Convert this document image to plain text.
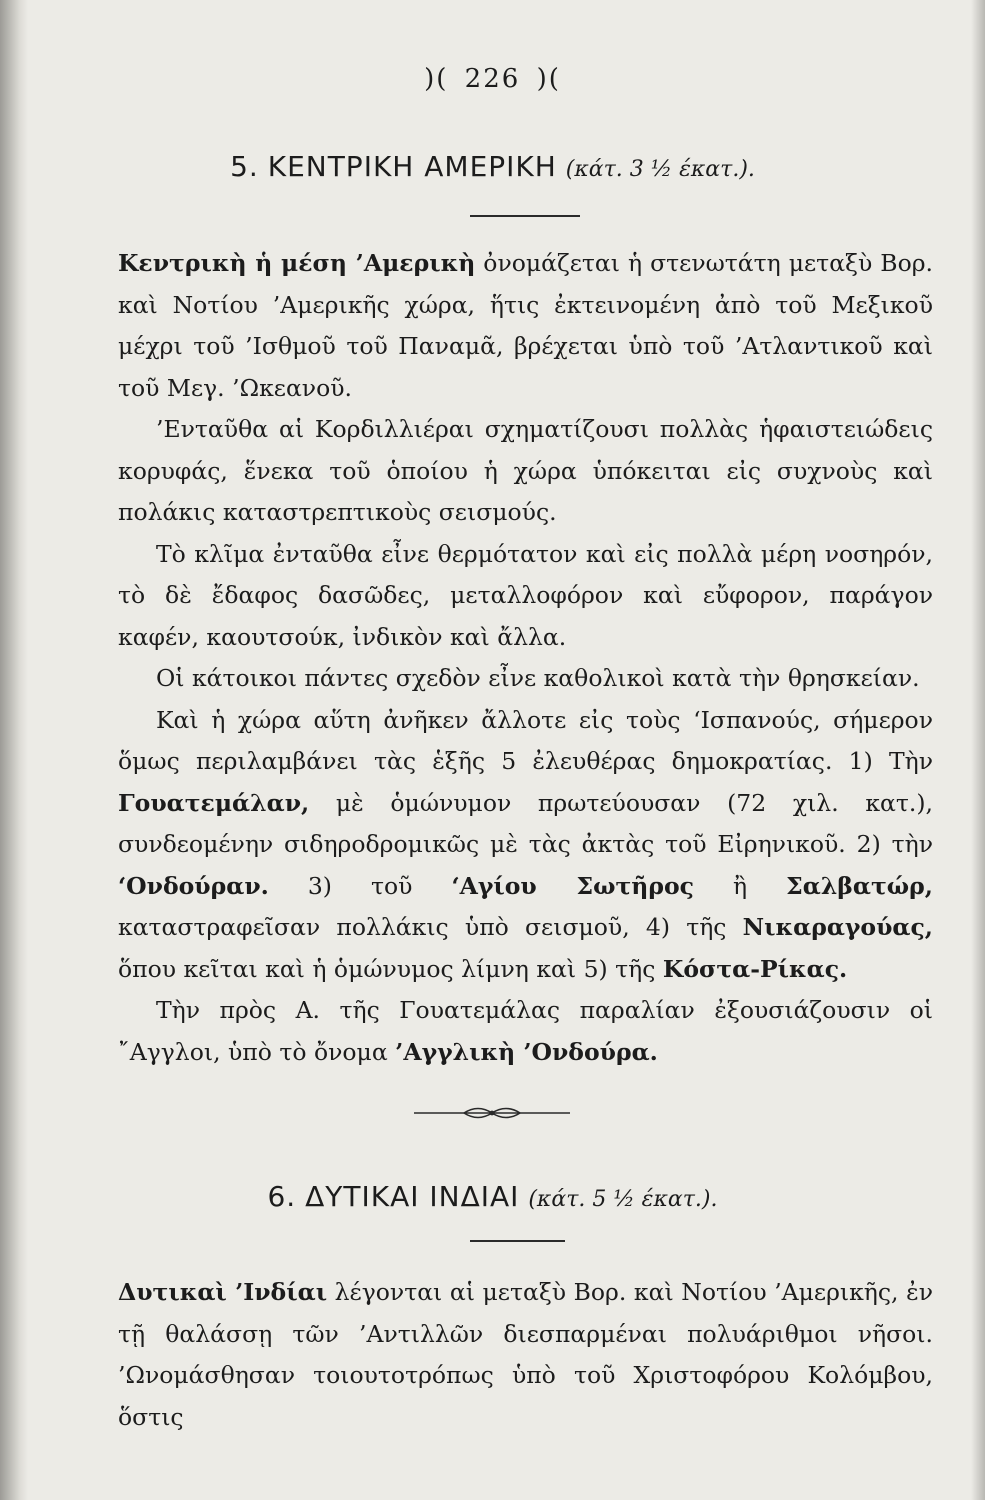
)( 226 )(
5. ΚΕΝΤΡΙΚΗ ΑΜΕΡΙΚΗ (κάτ. 3 ½ έκατ.).

Κεντρικὴ ἡ μέση ’Αμερικὴ ὀνομάζεται ἡ στενωτάτη μεταξὺ Βορ. καὶ Νοτίου ’Αμερικῆς χώρα, ἥτις ἐκτεινομένη ἀπὸ τοῦ Μεξικοῦ μέχρι τοῦ ’Ισθμοῦ τοῦ Παναμᾶ, βρέχεται ὑπὸ τοῦ ’Ατλαντικοῦ καὶ τοῦ Μεγ. ’Ωκεανοῦ.

’Ενταῦθα αἱ Κορδιλλιέραι σχηματίζουσι πολλὰς ἡφαιστειώδεις κορυφάς, ἕνεκα τοῦ ὁποίου ἡ χώρα ὑπόκειται εἰς συχνοὺς καὶ πολάκις καταστρεπτικοὺς σεισμούς.

Τὸ κλῖμα ἐνταῦθα εἶνε θερμότατον καὶ εἰς πολλὰ μέρη νοσηρόν, τὸ δὲ ἔδαφος δασῶδες, μεταλλοφόρον καὶ εὔφορον, παράγον καφέν, καουτσούκ, ἰνδικὸν καὶ ἄλλα.

Οἱ κάτοικοι πάντες σχεδὸν εἶνε καθολικοὶ κατὰ τὴν θρησκείαν.

Καὶ ἡ χώρα αὕτη ἀνῆκεν ἄλλοτε εἰς τοὺς ‘Ισπανούς, σήμερον ὅμως περιλαμβάνει τὰς ἑξῆς 5 ἐλευθέρας δημοκρατίας. 1) Τὴν Γουατεμάλαν, μὲ ὁμώνυμον πρωτεύουσαν (72 χιλ. κατ.), συνδεομένην σιδηροδρομικῶς μὲ τὰς ἀκτὰς τοῦ Εἰρηνικοῦ. 2) τὴν ‘Ονδούραν. 3) τοῦ ‘Αγίου Σωτῆρος ἢ Σαλβατώρ, καταστραφεῖσαν πολλάκις ὑπὸ σεισμοῦ, 4) τῆς Νικαραγούας, ὅπου κεῖται καὶ ἡ ὁμώνυμος λίμνη καὶ 5) τῆς Κόστα-Ρίκας.

Τὴν πρὸς Α. τῆς Γουατεμάλας παραλίαν ἐξουσιάζουσιν οἱ ῎Αγγλοι, ὑπὸ τὸ ὄνομα ’Αγγλικὴ ’Ονδούρα.

6. ΔΥΤΙΚΑΙ ΙΝΔΙΑΙ (κάτ. 5 ½ έκατ.).

Δυτικαὶ ’Ινδίαι λέγονται αἱ μεταξὺ Βορ. καὶ Νοτίου ’Αμερικῆς, ἐν τῇ θαλάσσῃ τῶν ’Αντιλλῶν διεσπαρμέναι πολυάριθμοι νῆσοι. ’Ωνομάσθησαν τοιουτοτρόπως ὑπὸ τοῦ Χριστοφόρου Κολόμβου, ὅστις
